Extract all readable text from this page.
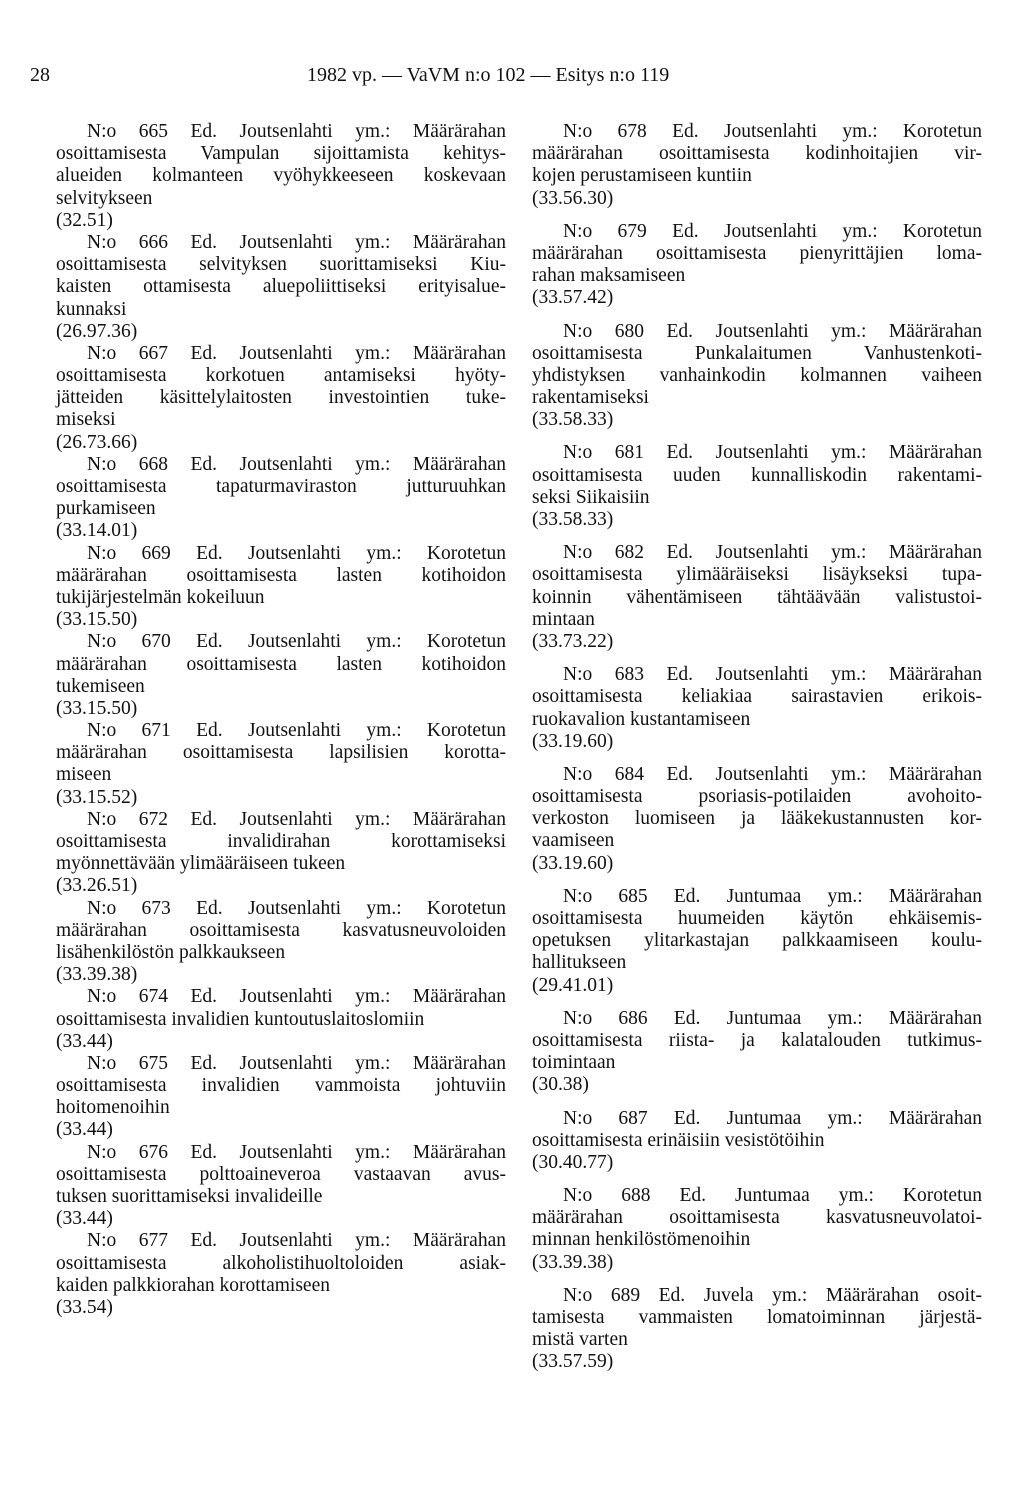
28	1982 vp. — VaVM n:o 102 — Esitys n:o 119
N:o 665 Ed. Joutsenlahti ym.: Määrärahan
osoittamisesta Vampulan sijoittamista kehitys-
alueiden kolmanteen vyöhykkeeseen koskevaan
selvitykseen
(32.51)
N:o 666 Ed. Joutsenlahti ym.: Määrärahan
osoittamisesta selvityksen suorittamiseksi Kiu-
kaisten ottamisesta aluepoliittiseksi erityisalue-
kunnaksi
(26.97.36)
N:o 667 Ed. Joutsenlahti ym.: Määrärahan
osoittamisesta korkotuen antamiseksi hyöty-
jätteiden käsittelylaitosten investointien tuke-
miseksi
(26.73.66)
N:o 668 Ed. Joutsenlahti ym.: Määrärahan
osoittamisesta tapaturmaviraston jutturuuhkan
purkamiseen
(33.14.01)
N:o 669 Ed. Joutsenlahti ym.: Korotetun
määrärahan osoittamisesta lasten kotihoidon
tukijärjestelmän kokeiluun
(33.15.50)
N:o 670 Ed. Joutsenlahti ym.: Korotetun
määrärahan osoittamisesta lasten kotihoidon
tukemiseen
(33.15.50)
N:o 671 Ed. Joutsenlahti ym.: Korotetun
määrärahan osoittamisesta lapsilisien korotta-
miseen
(33.15.52)
N:o 672 Ed. Joutsenlahti ym.: Määrärahan
osoittamisesta invalidirahan korottamiseksi
myönnettävään ylimääräiseen tukeen
(33.26.51)
N:o 673 Ed. Joutsenlahti ym.: Korotetun
määrärahan osoittamisesta kasvatusneuvoloiden
lisähenkilöstön palkkaukseen
(33.39.38)
N:o 674 Ed. Joutsenlahti ym.: Määrärahan
osoittamisesta invalidien kuntoutuslaitoslomiin
(33.44)
N:o 675 Ed. Joutsenlahti ym.: Määrärahan
osoittamisesta invalidien vammoista johtuviin
hoitomenoihin
(33.44)
N:o 676 Ed. Joutsenlahti ym.: Määrärahan
osoittamisesta polttoaineveroa vastaavan avus-
tuksen suorittamiseksi invalideille
(33.44)
N:o 677 Ed. Joutsenlahti ym.: Määrärahan
osoittamisesta alkoholistihuoltoloiden asiak-
kaiden palkkiorahan korottamiseen
(33.54)
N:o 678 Ed. Joutsenlahti ym.: Korotetun
määrärahan osoittamisesta kodinhoitajien vir-
kojen perustamiseen kuntiin
(33.56.30)
N:o 679 Ed. Joutsenlahti ym.: Korotetun
määrärahan osoittamisesta pienyrittäjien loma-
rahan maksamiseen
(33.57.42)
N:o 680 Ed. Joutsenlahti ym.: Määrärahan
osoittamisesta Punkalaitumen Vanhustenkoti-
yhdistyksen vanhainkodin kolmannen vaiheen
rakentamiseksi
(33.58.33)
N:o 681 Ed. Joutsenlahti ym.: Määrärahan
osoittamisesta uuden kunnalliskodin rakentami-
seksi Siikaisiin
(33.58.33)
N:o 682 Ed. Joutsenlahti ym.: Määrärahan
osoittamisesta ylimääräiseksi lisäykseksi tupa-
koinnin vähentämiseen tähtäävään valistustoi-
mintaan
(33.73.22)
N:o 683 Ed. Joutsenlahti ym.: Määrärahan
osoittamisesta keliakiaa sairastavien erikois-
ruokavalion kustantamiseen
(33.19.60)
N:o 684 Ed. Joutsenlahti ym.: Määrärahan
osoittamisesta psoriasis-potilaiden avohoito-
verkoston luomiseen ja lääkekustannusten kor-
vaamiseen
(33.19.60)
N:o 685 Ed. Juntumaa ym.: Määrärahan
osoittamisesta huumeiden käytön ehkäisemis-
opetuksen ylitarkastajan palkkaamiseen koulu-
hallitukseen
(29.41.01)
N:o 686 Ed. Juntumaa ym.: Määrärahan
osoittamisesta riista- ja kalatalouden tutkimus-
toimintaan
(30.38)
N:o 687 Ed. Juntumaa ym.: Määrärahan
osoittamisesta erinäisiin vesistötöihin
(30.40.77)
N:o 688 Ed. Juntumaa ym.: Korotetun
määrärahan osoittamisesta kasvatusneuvolatoi-
minnan henkilöstömenoihin
(33.39.38)
N:o 689 Ed. Juvela ym.: Määrärahan osoit-
tamisesta vammaisten lomatoiminnan järjestä-
mistä varten
(33.57.59)
